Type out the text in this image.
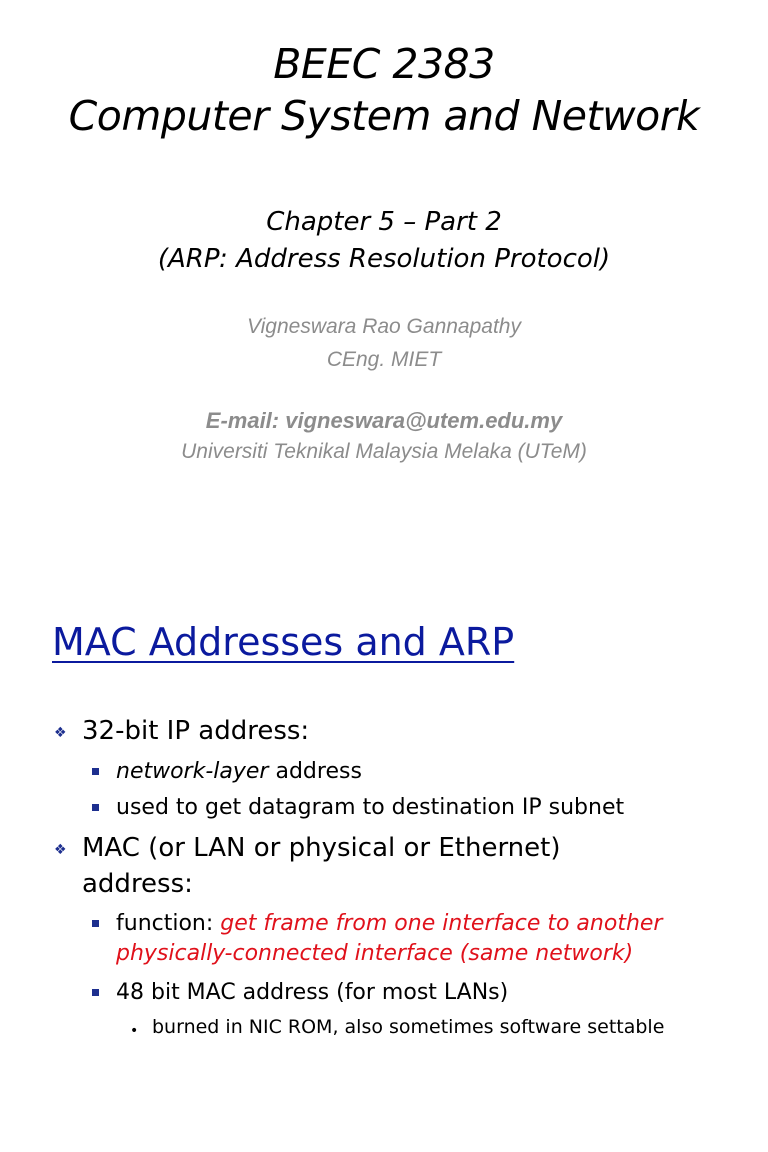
BEEC 2383
Computer System and Network
Chapter 5 – Part 2
(ARP: Address Resolution Protocol)
Vigneswara Rao Gannapathy
CEng. MIET
E-mail: vigneswara@utem.edu.my
Universiti Teknikal Malaysia Melaka (UTeM)
MAC Addresses and ARP
❖ 32-bit IP address:
network-layer address
used to get datagram to destination IP subnet
❖ MAC (or LAN or physical or Ethernet)
address:
function: get frame from one interface to another
physically-connected interface (same network)
48 bit MAC address (for most LANs)
• burned in NIC ROM, also sometimes software settable
